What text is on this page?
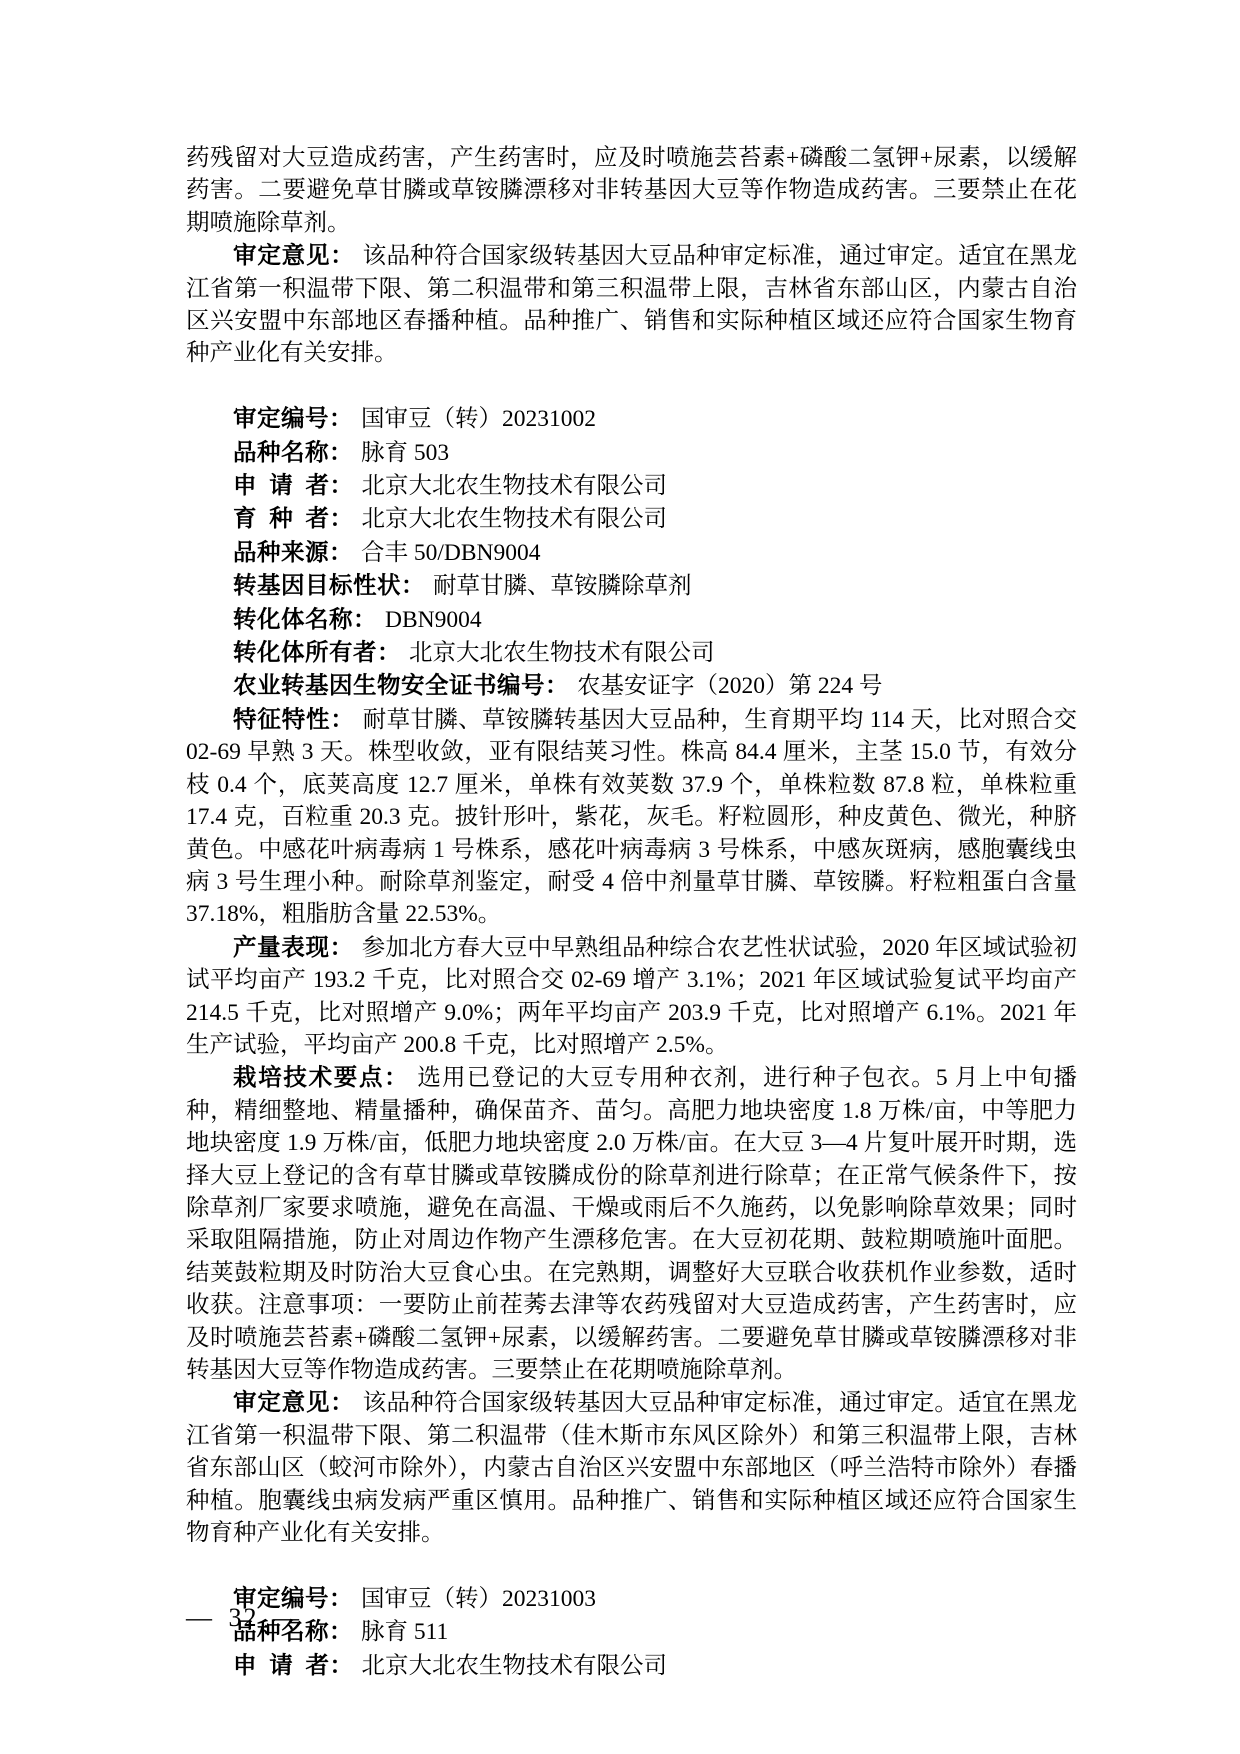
药残留对大豆造成药害，产生药害时，应及时喷施芸苔素+磷酸二氢钾+尿素，以缓解药害。二要避免草甘膦或草铵膦漂移对非转基因大豆等作物造成药害。三要禁止在花期喷施除草剂。

审定意见： 该品种符合国家级转基因大豆品种审定标准，通过审定。适宜在黑龙江省第一积温带下限、第二积温带和第三积温带上限，吉林省东部山区，内蒙古自治区兴安盟中东部地区春播种植。品种推广、销售和实际种植区域还应符合国家生物育种产业化有关安排。

审定编号： 国审豆（转）20231002

品种名称： 脉育 503

申 请 者： 北京大北农生物技术有限公司

育 种 者： 北京大北农生物技术有限公司

品种来源： 合丰 50/DBN9004

转基因目标性状： 耐草甘膦、草铵膦除草剂

转化体名称： DBN9004

转化体所有者： 北京大北农生物技术有限公司

农业转基因生物安全证书编号： 农基安证字（2020）第 224 号

特征特性： 耐草甘膦、草铵膦转基因大豆品种，生育期平均 114 天，比对照合交 02-69 早熟 3 天。株型收敛，亚有限结荚习性。株高 84.4 厘米，主茎 15.0 节，有效分枝 0.4 个，底荚高度 12.7 厘米，单株有效荚数 37.9 个，单株粒数 87.8 粒，单株粒重 17.4 克，百粒重 20.3 克。披针形叶，紫花，灰毛。籽粒圆形，种皮黄色、微光，种脐黄色。中感花叶病毒病 1 号株系，感花叶病毒病 3 号株系，中感灰斑病，感胞囊线虫病 3 号生理小种。耐除草剂鉴定，耐受 4 倍中剂量草甘膦、草铵膦。籽粒粗蛋白含量 37.18%，粗脂肪含量 22.53%。

产量表现： 参加北方春大豆中早熟组品种综合农艺性状试验，2020 年区域试验初试平均亩产 193.2 千克，比对照合交 02-69 增产 3.1%；2021 年区域试验复试平均亩产 214.5 千克，比对照增产 9.0%；两年平均亩产 203.9 千克，比对照增产 6.1%。2021 年生产试验，平均亩产 200.8 千克，比对照增产 2.5%。

栽培技术要点： 选用已登记的大豆专用种衣剂，进行种子包衣。5 月上中旬播种，精细整地、精量播种，确保苗齐、苗匀。高肥力地块密度 1.8 万株/亩，中等肥力地块密度 1.9 万株/亩，低肥力地块密度 2.0 万株/亩。在大豆 3—4 片复叶展开时期，选择大豆上登记的含有草甘膦或草铵膦成份的除草剂进行除草；在正常气候条件下，按除草剂厂家要求喷施，避免在高温、干燥或雨后不久施药，以免影响除草效果；同时采取阻隔措施，防止对周边作物产生漂移危害。在大豆初花期、鼓粒期喷施叶面肥。结荚鼓粒期及时防治大豆食心虫。在完熟期，调整好大豆联合收获机作业参数，适时收获。注意事项：一要防止前茬莠去津等农药残留对大豆造成药害，产生药害时，应及时喷施芸苔素+磷酸二氢钾+尿素，以缓解药害。二要避免草甘膦或草铵膦漂移对非转基因大豆等作物造成药害。三要禁止在花期喷施除草剂。

审定意见： 该品种符合国家级转基因大豆品种审定标准，通过审定。适宜在黑龙江省第一积温带下限、第二积温带（佳木斯市东风区除外）和第三积温带上限，吉林省东部山区（蛟河市除外），内蒙古自治区兴安盟中东部地区（呼兰浩特市除外）春播种植。胞囊线虫病发病严重区慎用。品种推广、销售和实际种植区域还应符合国家生物育种产业化有关安排。

审定编号： 国审豆（转）20231003

品种名称： 脉育 511

申 请 者： 北京大北农生物技术有限公司

— 32 —
